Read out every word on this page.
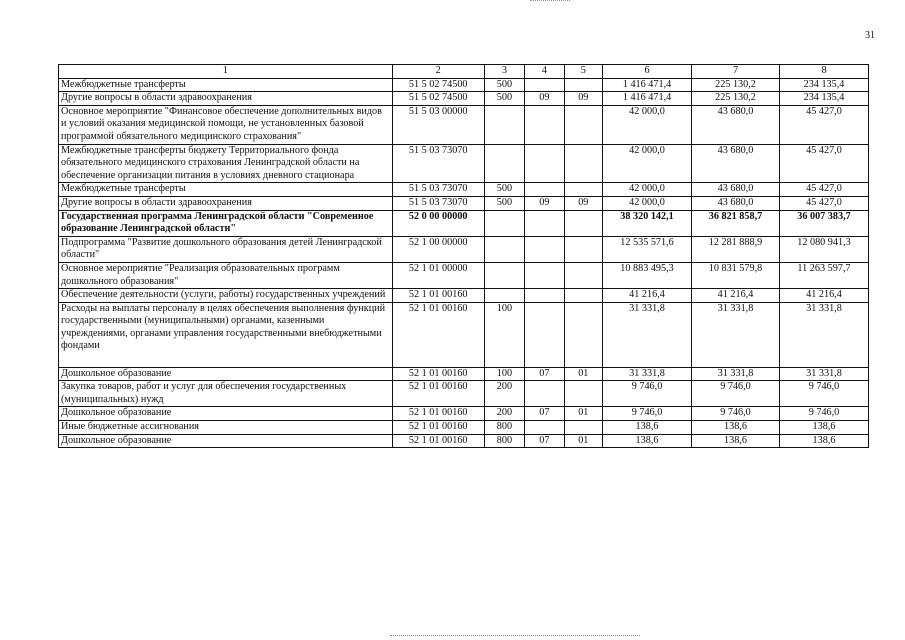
31
1	2	3	4	5	6	7	8
Межбюджетные трансферты	51 5 02 74500	500			1 416 471,4	225 130,2	234 135,4
Другие вопросы в области здравоохранения	51 5 02 74500	500	09	09	1 416 471,4	225 130,2	234 135,4
Основное мероприятие "Финансовое обеспечение дополнительных видов и условий оказания медицинской помощи, не установленных базовой программой обязательного медицинского страхования"	51 5 03 00000				42 000,0	43 680,0	45 427,0
Межбюджетные трансферты бюджету Территориального фонда обязательного медицинского страхования Ленинградской области на обеспечение организации питания в условиях дневного стационара	51 5 03 73070				42 000,0	43 680,0	45 427,0
Межбюджетные трансферты	51 5 03 73070	500			42 000,0	43 680,0	45 427,0
Другие вопросы в области здравоохранения	51 5 03 73070	500	09	09	42 000,0	43 680,0	45 427,0
Государственная программа Ленинградской области "Современное образование Ленинградской области"	52 0 00 00000				38 320 142,1	36 821 858,7	36 007 383,7
Подпрограмма "Развитие дошкольного образования детей Ленинградской области"	52 1 00 00000				12 535 571,6	12 281 888,9	12 080 941,3
Основное мероприятие "Реализация образовательных программ дошкольного образования"	52 1 01 00000				10 883 495,3	10 831 579,8	11 263 597,7
Обеспечение деятельности (услуги, работы) государственных учреждений	52 1 01 00160				41 216,4	41 216,4	41 216,4
Расходы на выплаты персоналу в целях обеспечения выполнения функций государственными (муниципальными) органами, казенными учреждениями, органами управления государственными внебюджетными фондами	52 1 01 00160	100			31 331,8	31 331,8	31 331,8
Дошкольное образование	52 1 01 00160	100	07	01	31 331,8	31 331,8	31 331,8
Закупка товаров, работ и услуг для обеспечения государственных (муниципальных) нужд	52 1 01 00160	200			9 746,0	9 746,0	9 746,0
Дошкольное образование	52 1 01 00160	200	07	01	9 746,0	9 746,0	9 746,0
Иные бюджетные ассигнования	52 1 01 00160	800			138,6	138,6	138,6
Дошкольное образование	52 1 01 00160	800	07	01	138,6	138,6	138,6
